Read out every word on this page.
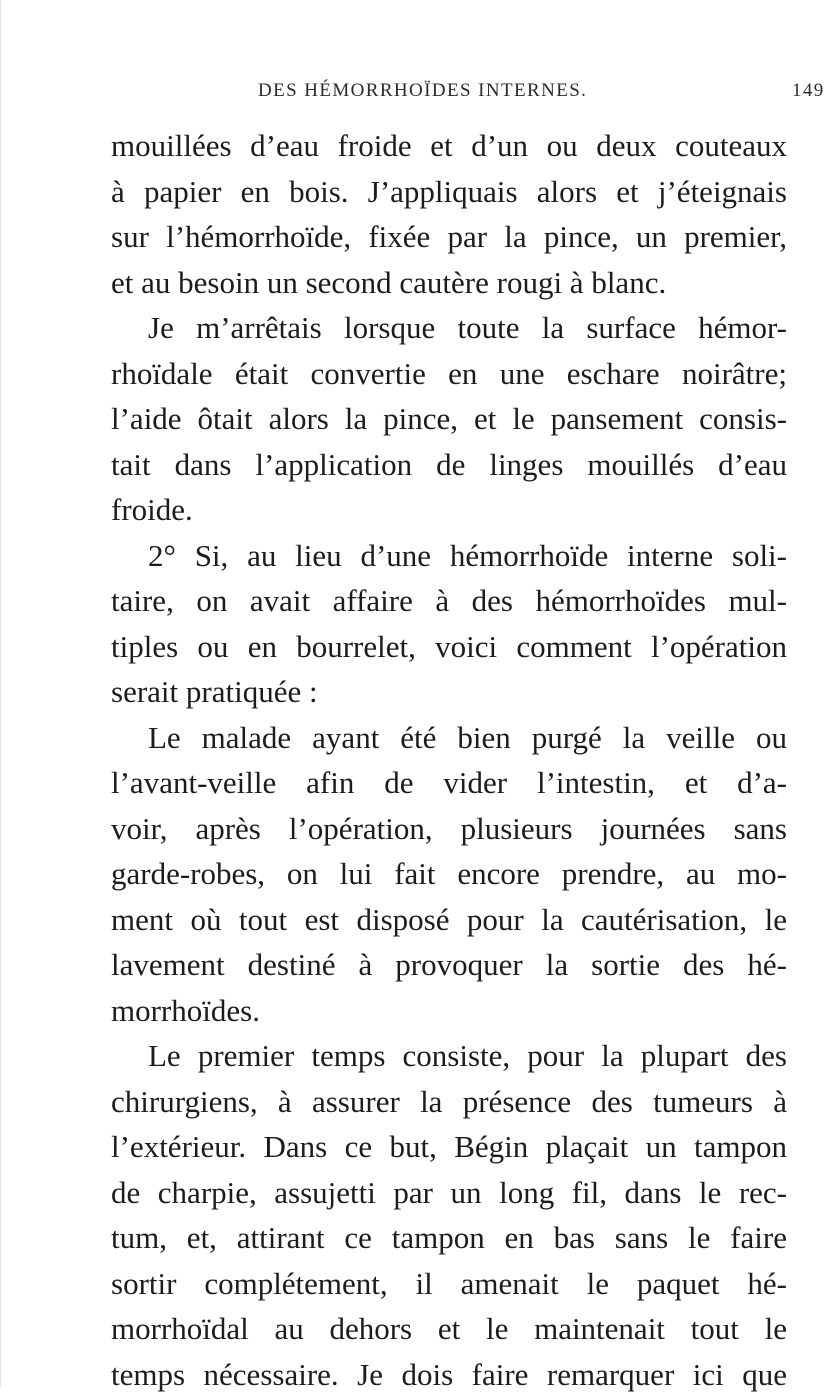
DES HÉMORRHOÏDES INTERNES.	149
mouillées d’eau froide et d’un ou deux couteaux
à papier en bois. J’appliquais alors et j’éteignais
sur l’hémorrhoïde, fixée par la pince, un premier,
et au besoin un second cautère rougi à blanc.
Je m’arrêtais lorsque toute la surface hémor-
rhoïdale était convertie en une eschare noirâtre;
l’aide ôtait alors la pince, et le pansement consis-
tait dans l’application de linges mouillés d’eau
froide.
2° Si, au lieu d’une hémorrhoïde interne soli-
taire, on avait affaire à des hémorrhoïdes mul-
tiples ou en bourrelet, voici comment l’opération
serait pratiquée :
Le malade ayant été bien purgé la veille ou
l’avant-veille afin de vider l’intestin, et d’a-
voir, après l’opération, plusieurs journées sans
garde-robes, on lui fait encore prendre, au mo-
ment où tout est disposé pour la cautérisation, le
lavement destiné à provoquer la sortie des hé-
morrhoïdes.
Le premier temps consiste, pour la plupart des
chirurgiens, à assurer la présence des tumeurs à
l’extérieur. Dans ce but, Bégin plaçait un tampon
de charpie, assujetti par un long fil, dans le rec-
tum, et, attirant ce tampon en bas sans le faire
sortir complétement, il amenait le paquet hé-
morrhoïdal au dehors et le maintenait tout le
temps nécessaire. Je dois faire remarquer ici que
